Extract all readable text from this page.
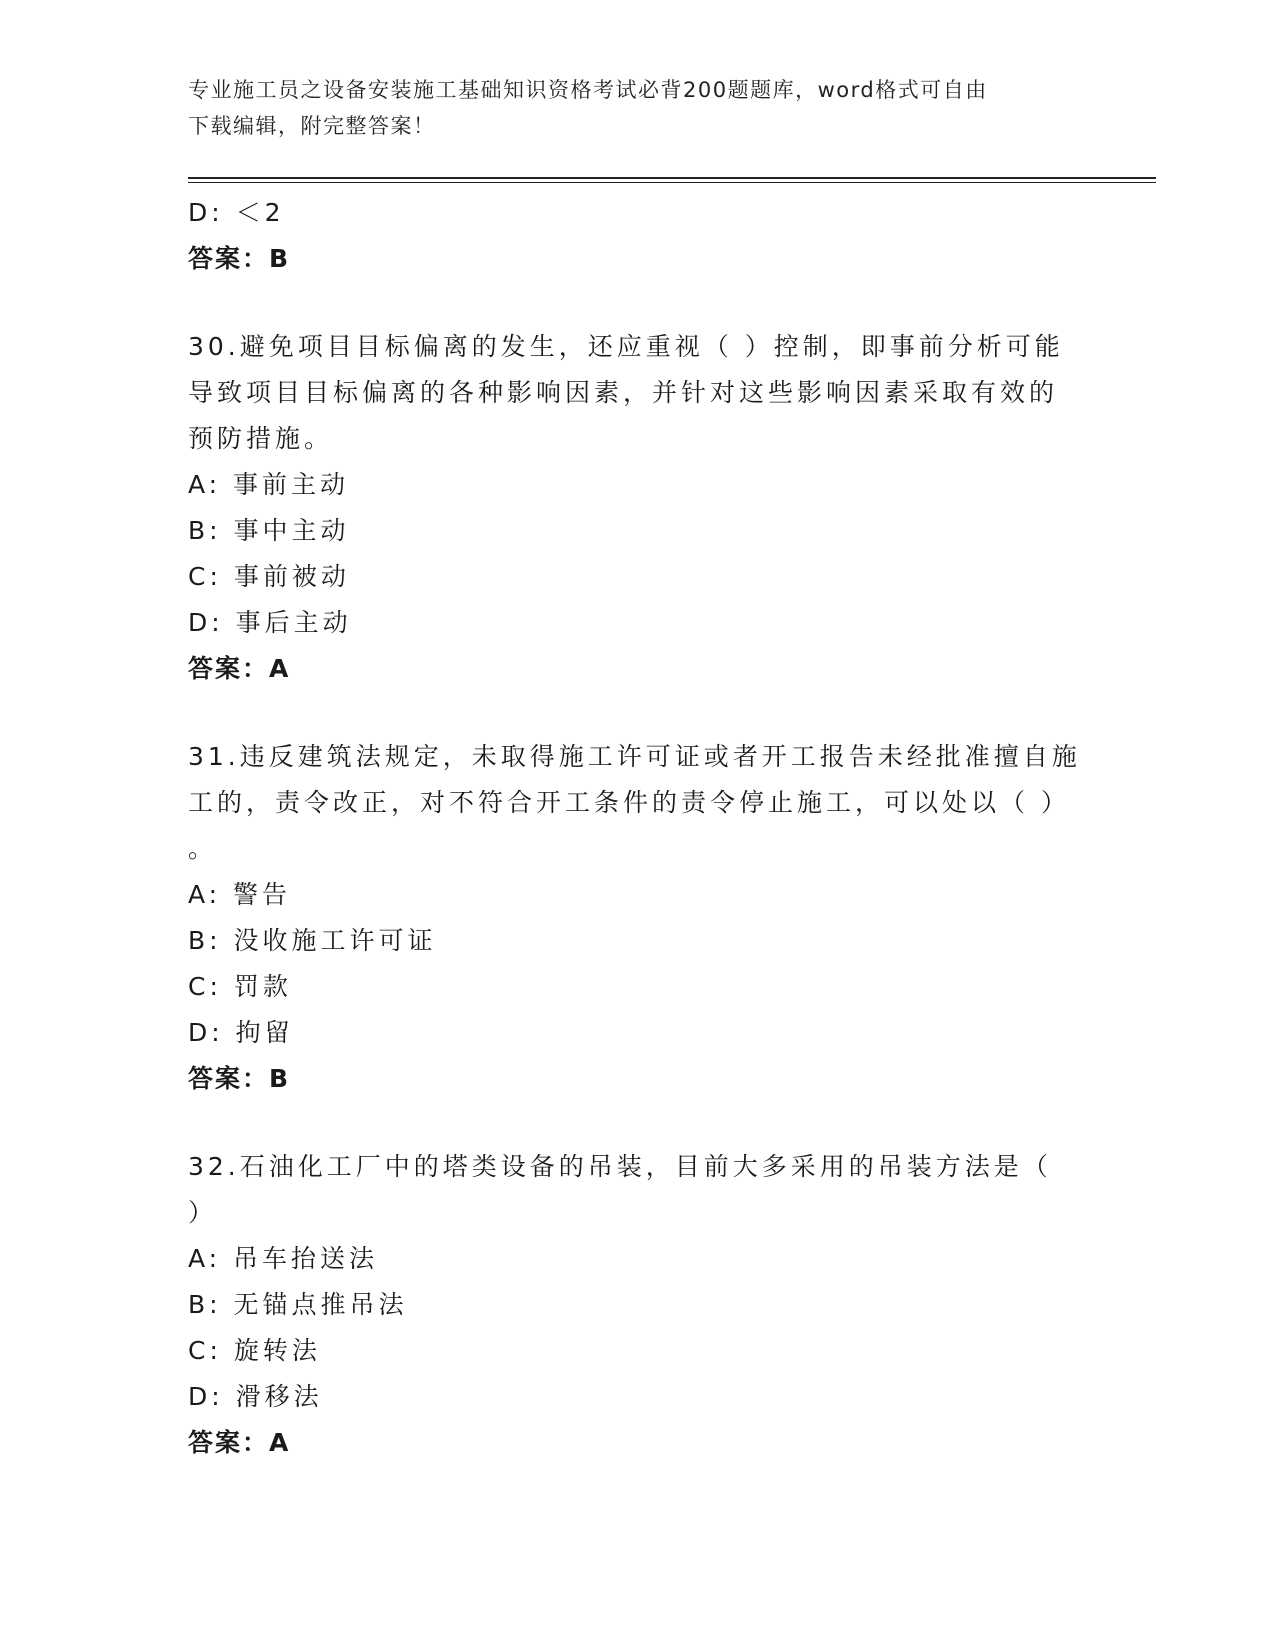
专业施工员之设备安装施工基础知识资格考试必背200题题库，word格式可自由
下载编辑，附完整答案！
D: ＜2
答案：B
30.避免项目目标偏离的发生，还应重视（ ）控制，即事前分析可能
导致项目目标偏离的各种影响因素，并针对这些影响因素采取有效的
预防措施。
A: 事前主动
B: 事中主动
C: 事前被动
D: 事后主动
答案：A
31.违反建筑法规定，未取得施工许可证或者开工报告未经批准擅自施
工的，责令改正，对不符合开工条件的责令停止施工，可以处以（ ）
。
A: 警告
B: 没收施工许可证
C: 罚款
D: 拘留
答案：B
32.石油化工厂中的塔类设备的吊装，目前大多采用的吊装方法是（
）
A: 吊车抬送法
B: 无锚点推吊法
C: 旋转法
D: 滑移法
答案：A
